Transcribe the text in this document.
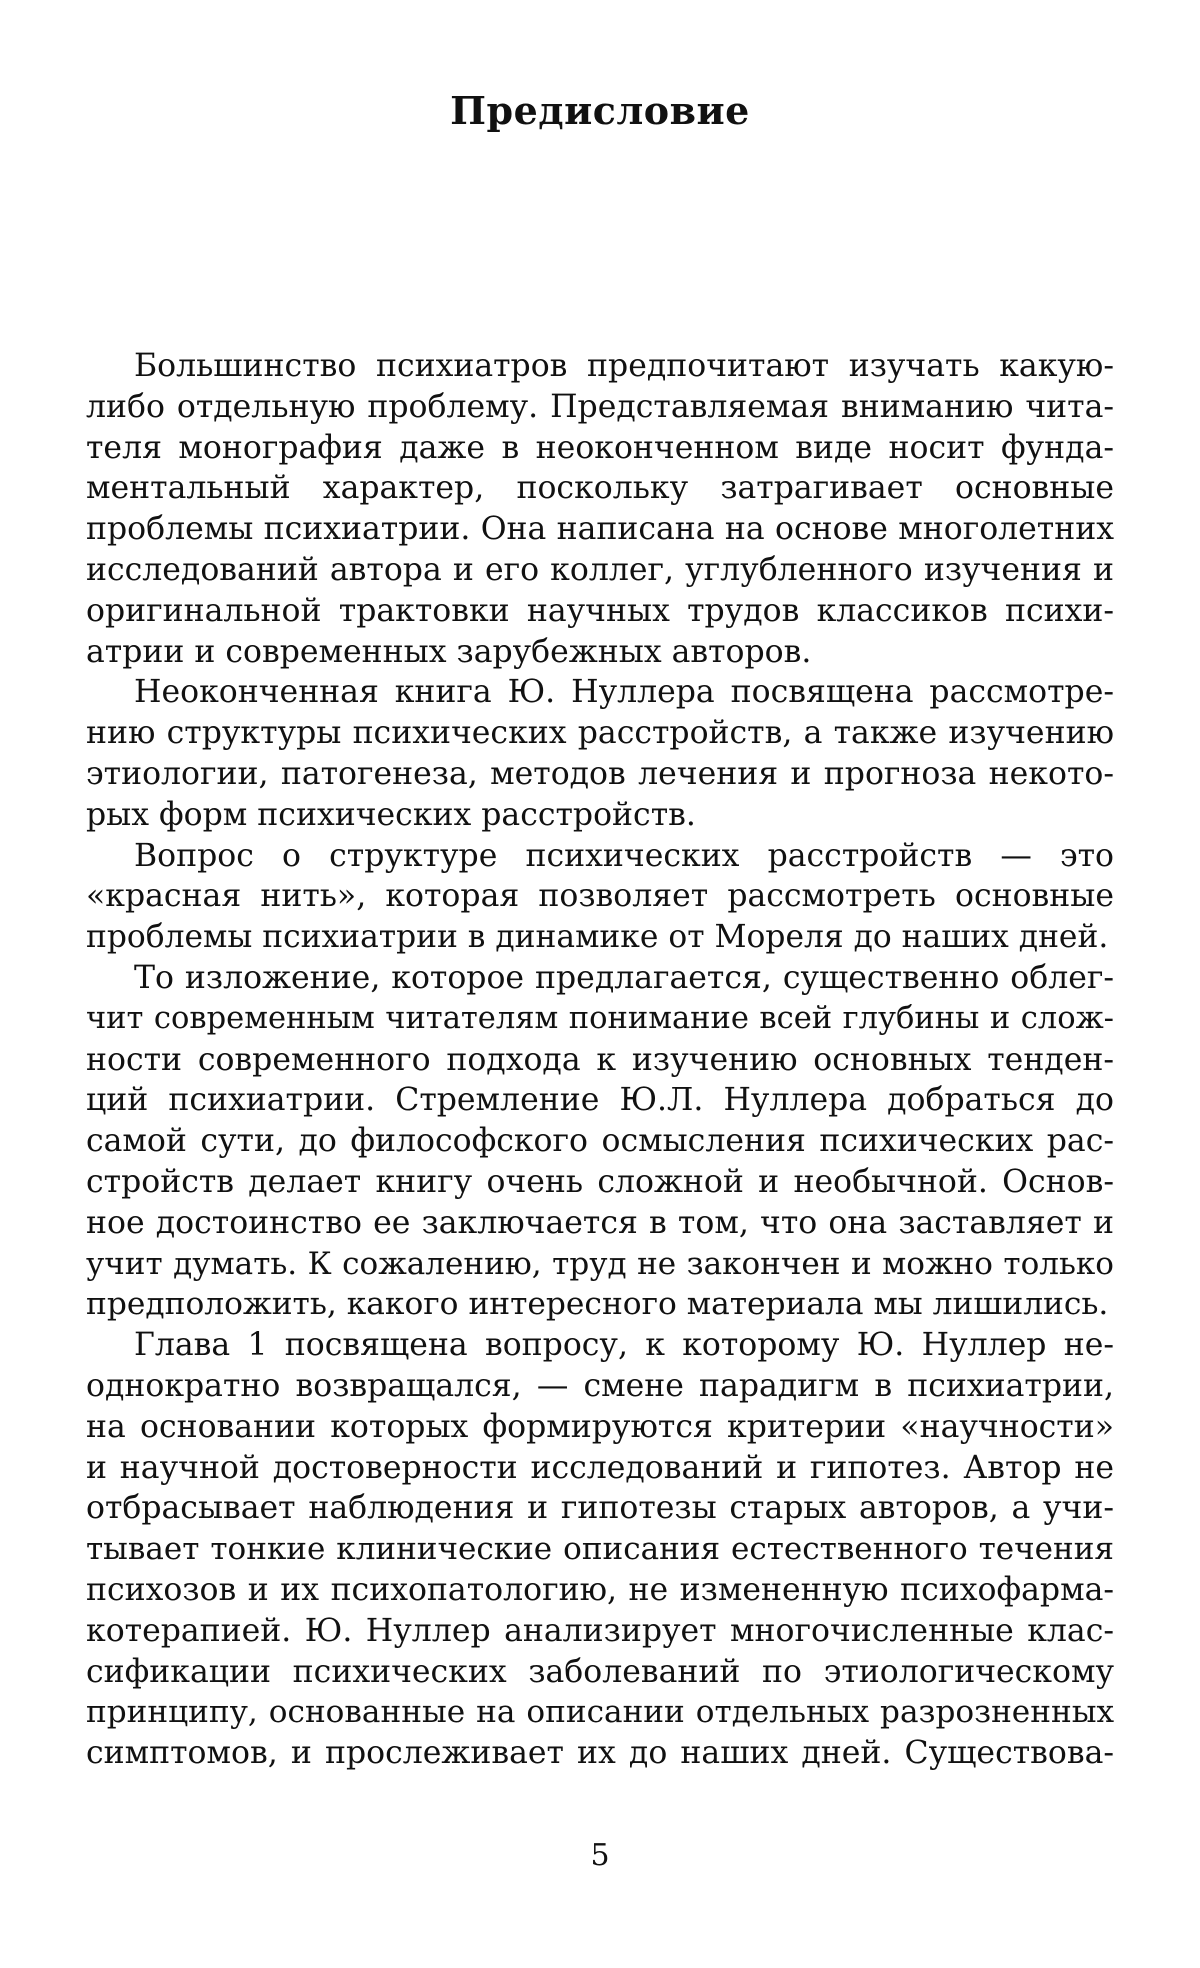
Предисловие

Большинство психиатров предпочитают изучать какую-
либо отдельную проблему. Представляемая вниманию чита-
теля монография даже в неоконченном виде носит фунда-
ментальный характер, поскольку затрагивает основные
проблемы психиатрии. Она написана на основе многолетних
исследований автора и его коллег, углубленного изучения и
оригинальной трактовки научных трудов классиков психи-
атрии и современных зарубежных авторов.

Неоконченная книга Ю. Нуллера посвящена рассмотре-
нию структуры психических расстройств, а также изучению
этиологии, патогенеза, методов лечения и прогноза некото-
рых форм психических расстройств.

Вопрос о структуре психических расстройств — это
«красная нить», которая позволяет рассмотреть основные
проблемы психиатрии в динамике от Мореля до наших дней.

То изложение, которое предлагается, существенно облег-
чит современным читателям понимание всей глубины и слож-
ности современного подхода к изучению основных тенден-
ций психиатрии. Стремление Ю.Л. Нуллера добраться до
самой сути, до философского осмысления психических рас-
стройств делает книгу очень сложной и необычной. Основ-
ное достоинство ее заключается в том, что она заставляет и
учит думать. К сожалению, труд не закончен и можно только
предположить, какого интересного материала мы лишились.

Глава 1 посвящена вопросу, к которому Ю. Нуллер не-
однократно возвращался, — смене парадигм в психиатрии,
на основании которых формируются критерии «научности»
и научной достоверности исследований и гипотез. Автор не
отбрасывает наблюдения и гипотезы старых авторов, а учи-
тывает тонкие клинические описания естественного течения
психозов и их психопатологию, не измененную психофарма-
котерапией. Ю. Нуллер анализирует многочисленные клас-
сификации психических заболеваний по этиологическому
принципу, основанные на описании отдельных разрозненных
симптомов, и прослеживает их до наших дней. Существова-

5
